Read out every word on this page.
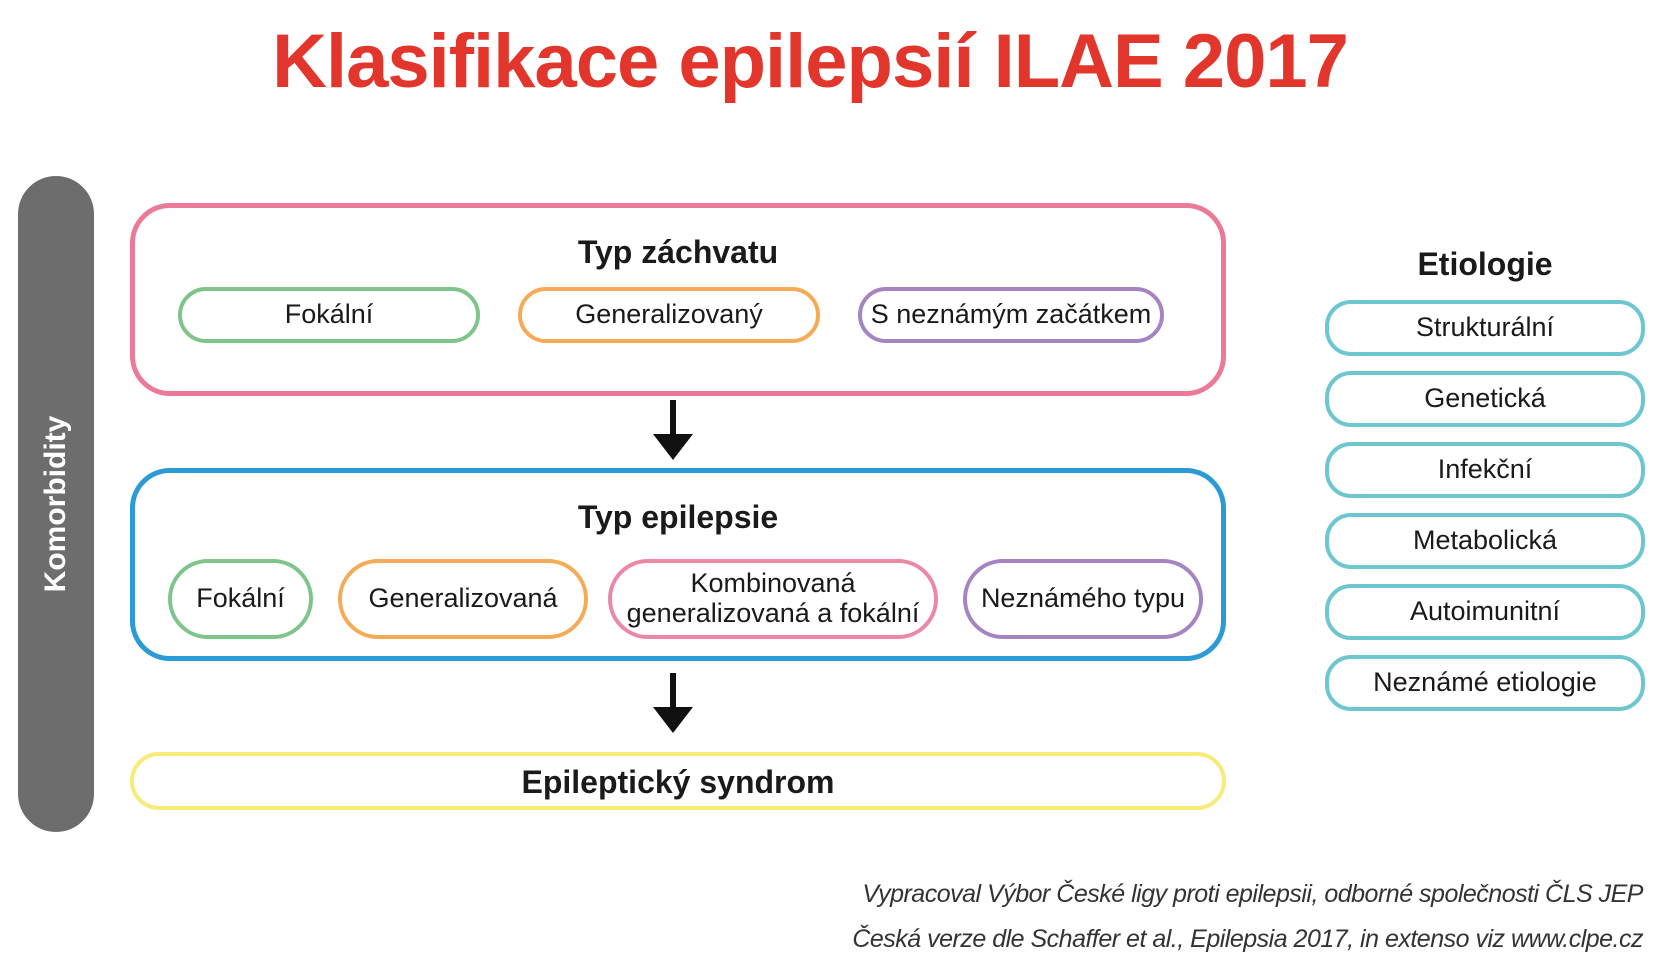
Klasifikace epilepsií ILAE 2017
Komorbidity
Typ záchvatu
Fokální	Generalizovaný	S neznámým začátkem
Typ epilepsie
Fokální	Generalizovaná	Kombinovaná
generalizovaná a fokální	Neznámého typu
Epileptický syndrom
Etiologie
Strukturální
Genetická
Infekční
Metabolická
Autoimunitní
Neznámé etiologie
Vypracoval Výbor České ligy proti epilepsii, odborné společnosti ČLS JEP
Česká verze dle Schaffer et al., Epilepsia 2017, in extenso viz www.clpe.cz
